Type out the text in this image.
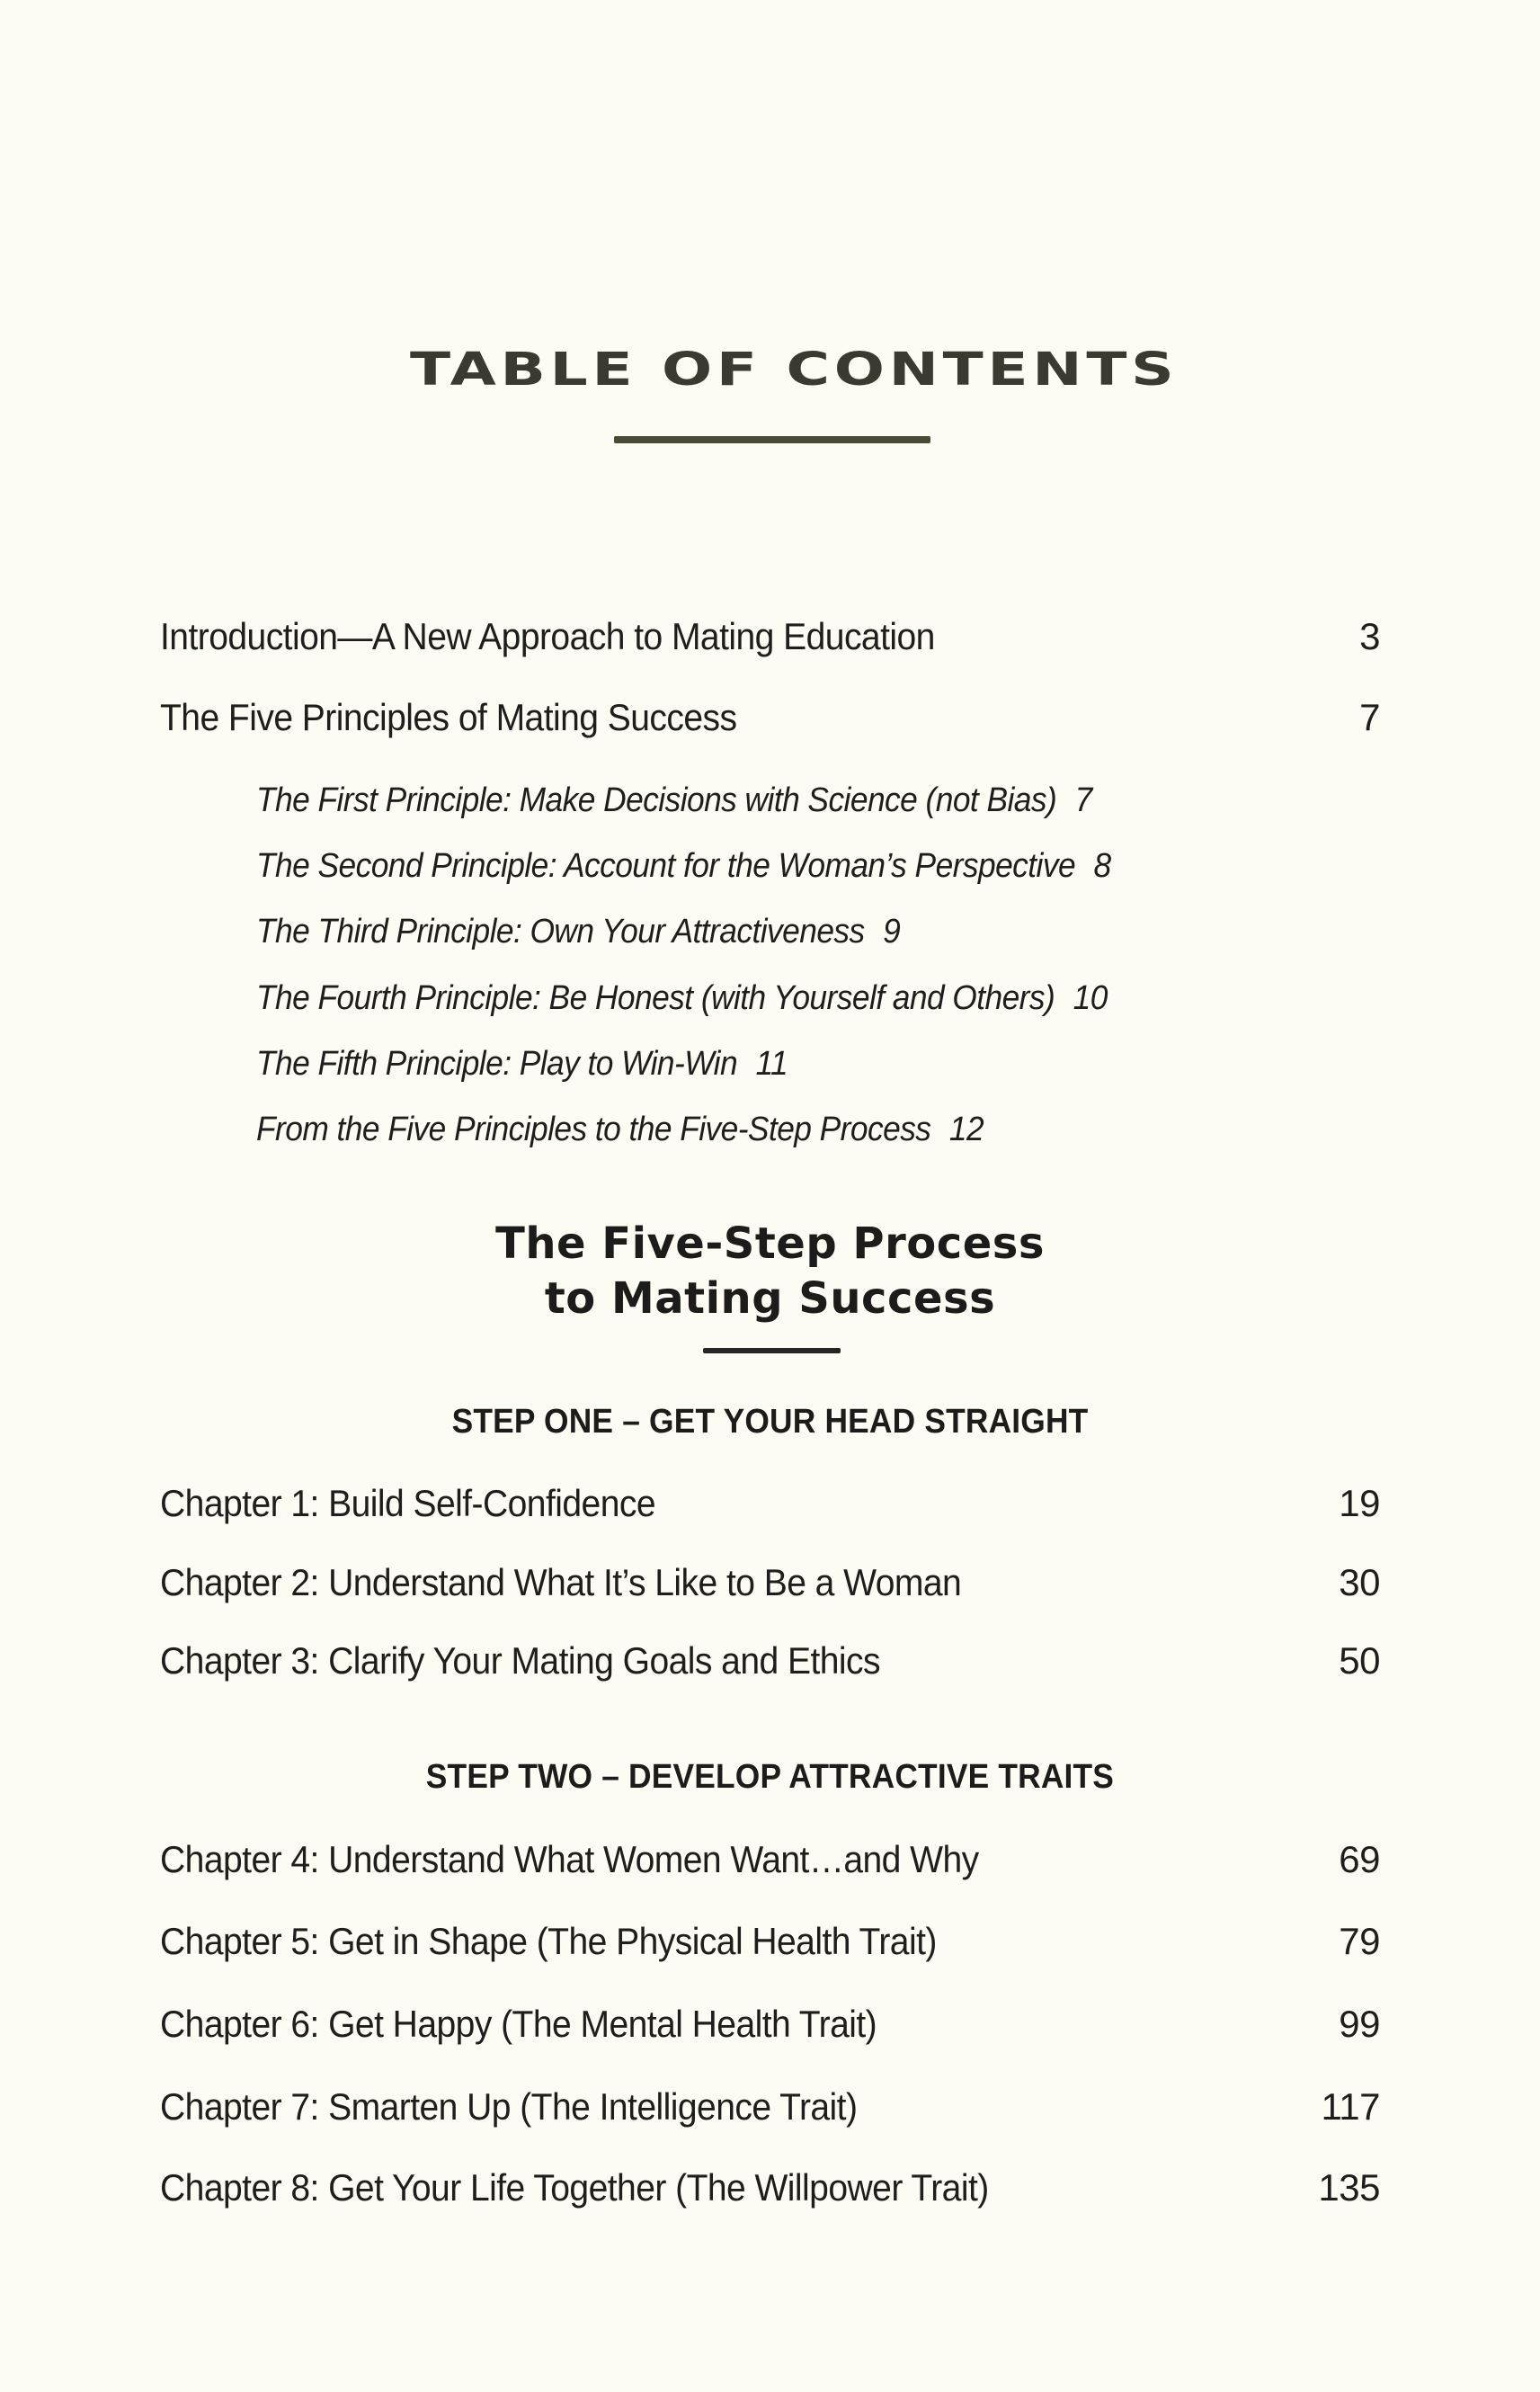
TABLE OF CONTENTS
Introduction—A New Approach to Mating Education	3
The Five Principles of Mating Success	7
The First Principle: Make Decisions with Science (not Bias) 7
The Second Principle: Account for the Woman’s Perspective 8
The Third Principle: Own Your Attractiveness 9
The Fourth Principle: Be Honest (with Yourself and Others) 10
The Fifth Principle: Play to Win-Win 11
From the Five Principles to the Five-Step Process 12
The Five-Step Process
to Mating Success
STEP ONE – GET YOUR HEAD STRAIGHT
Chapter 1: Build Self-Confidence	19
Chapter 2: Understand What It’s Like to Be a Woman	30
Chapter 3: Clarify Your Mating Goals and Ethics	50
STEP TWO – DEVELOP ATTRACTIVE TRAITS
Chapter 4: Understand What Women Want…and Why	69
Chapter 5: Get in Shape (The Physical Health Trait)	79
Chapter 6: Get Happy (The Mental Health Trait)	99
Chapter 7: Smarten Up (The Intelligence Trait)	117
Chapter 8: Get Your Life Together (The Willpower Trait)	135
